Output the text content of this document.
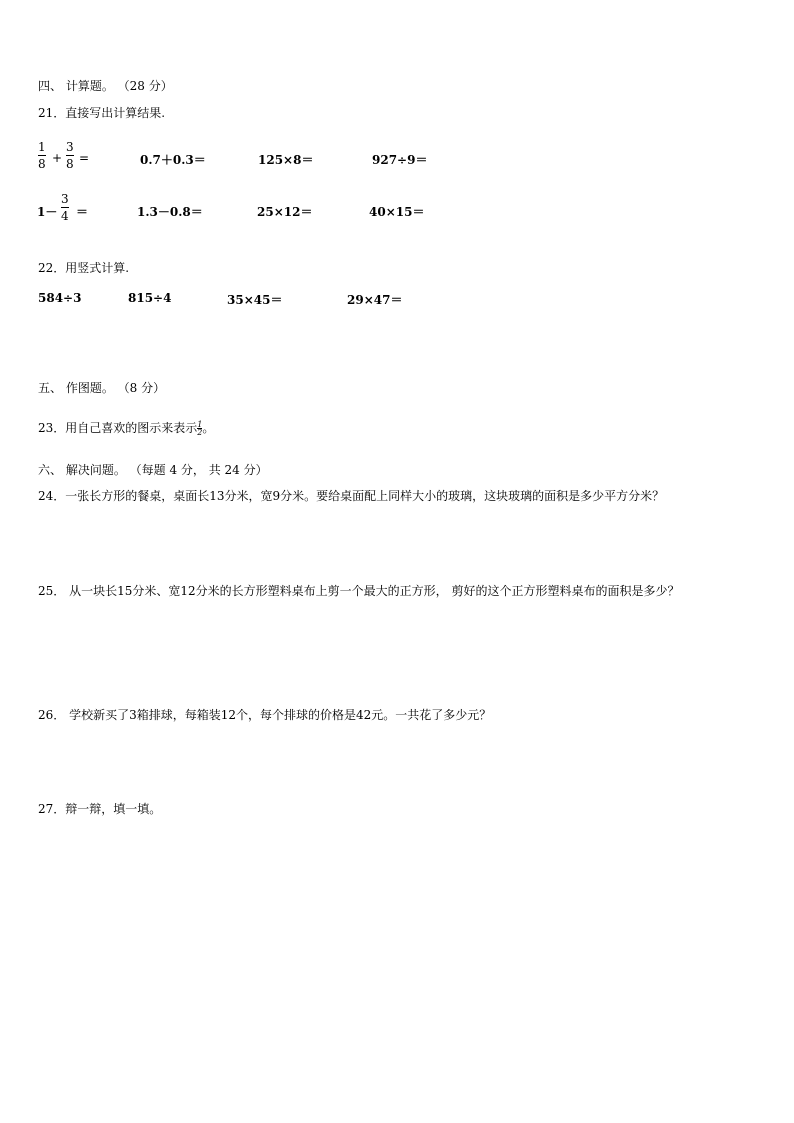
四、 计算题。 （28 分）
21．直接写出计算结果.
1
8 +
3
8 =	0.7＋0.3＝	125×8＝	927÷9＝
1－
3
4 ＝	1.3－0.8＝	25×12＝	40×15＝
22．用竖式计算.
584÷3	815÷4	35×45＝	29×47＝
五、 作图题。 （8 分）
23．用自己喜欢的图示来表示$\frac{1}{2}$。
六、 解决问题。 （每题 4 分， 共 24 分）
24．一张长方形的餐桌，桌面长13分米，宽9分米。要给桌面配上同样大小的玻璃，这块玻璃的面积是多少平方分米？
25． 从一块长15分米、宽12分米的长方形塑料桌布上剪一个最大的正方形， 剪好的这个正方形塑料桌布的面积是多少？
26． 学校新买了3箱排球，每箱装12个，每个排球的价格是42元。一共花了多少元？
27．辩一辩，填一填。
